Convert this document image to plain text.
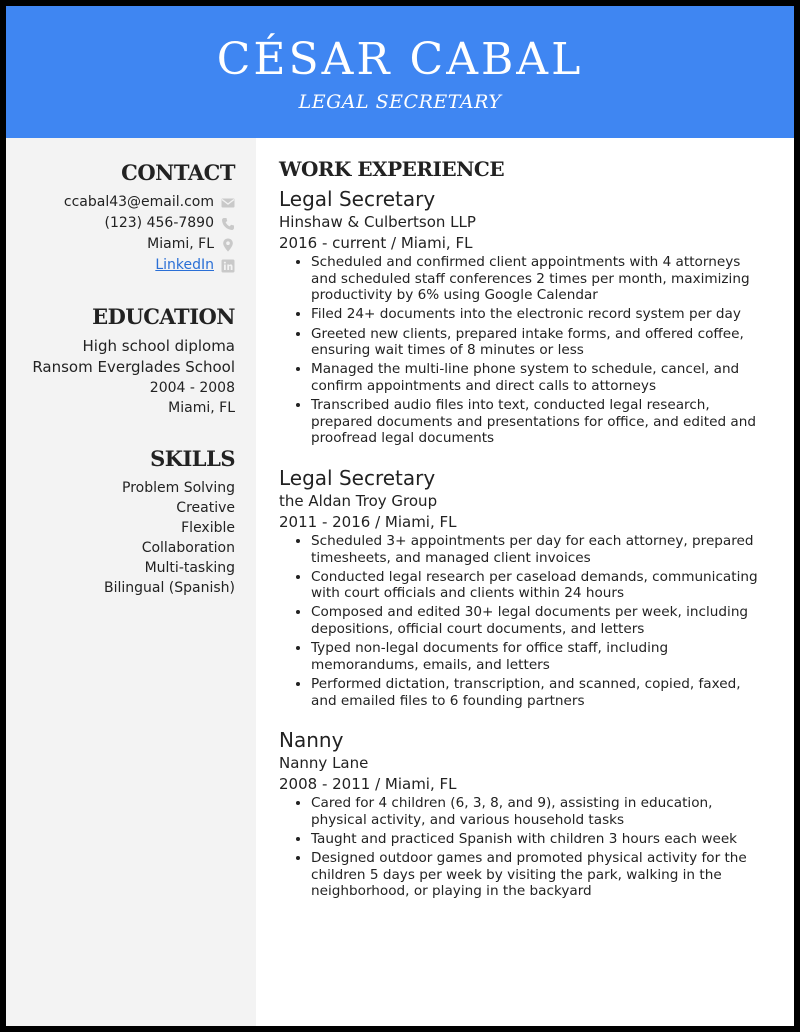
CÉSAR CABAL
LEGAL SECRETARY
CONTACT
ccabal43@email.com
(123) 456-7890
Miami, FL
LinkedIn
EDUCATION
High school diploma
Ransom Everglades School
2004 - 2008
Miami, FL
SKILLS
Problem Solving
Creative
Flexible
Collaboration
Multi-tasking
Bilingual (Spanish)
WORK EXPERIENCE
Legal Secretary
Hinshaw & Culbertson LLP
2016 - current / Miami, FL
• Scheduled and confirmed client appointments with 4 attorneys and scheduled staff conferences 2 times per month, maximizing productivity by 6% using Google Calendar
• Filed 24+ documents into the electronic record system per day
• Greeted new clients, prepared intake forms, and offered coffee, ensuring wait times of 8 minutes or less
• Managed the multi-line phone system to schedule, cancel, and confirm appointments and direct calls to attorneys
• Transcribed audio files into text, conducted legal research, prepared documents and presentations for office, and edited and proofread legal documents
Legal Secretary
the Aldan Troy Group
2011 - 2016 / Miami, FL
• Scheduled 3+ appointments per day for each attorney, prepared timesheets, and managed client invoices
• Conducted legal research per caseload demands, communicating with court officials and clients within 24 hours
• Composed and edited 30+ legal documents per week, including depositions, official court documents, and letters
• Typed non-legal documents for office staff, including memorandums, emails, and letters
• Performed dictation, transcription, and scanned, copied, faxed, and emailed files to 6 founding partners
Nanny
Nanny Lane
2008 - 2011 / Miami, FL
• Cared for 4 children (6, 3, 8, and 9), assisting in education, physical activity, and various household tasks
• Taught and practiced Spanish with children 3 hours each week
• Designed outdoor games and promoted physical activity for the children 5 days per week by visiting the park, walking in the neighborhood, or playing in the backyard
